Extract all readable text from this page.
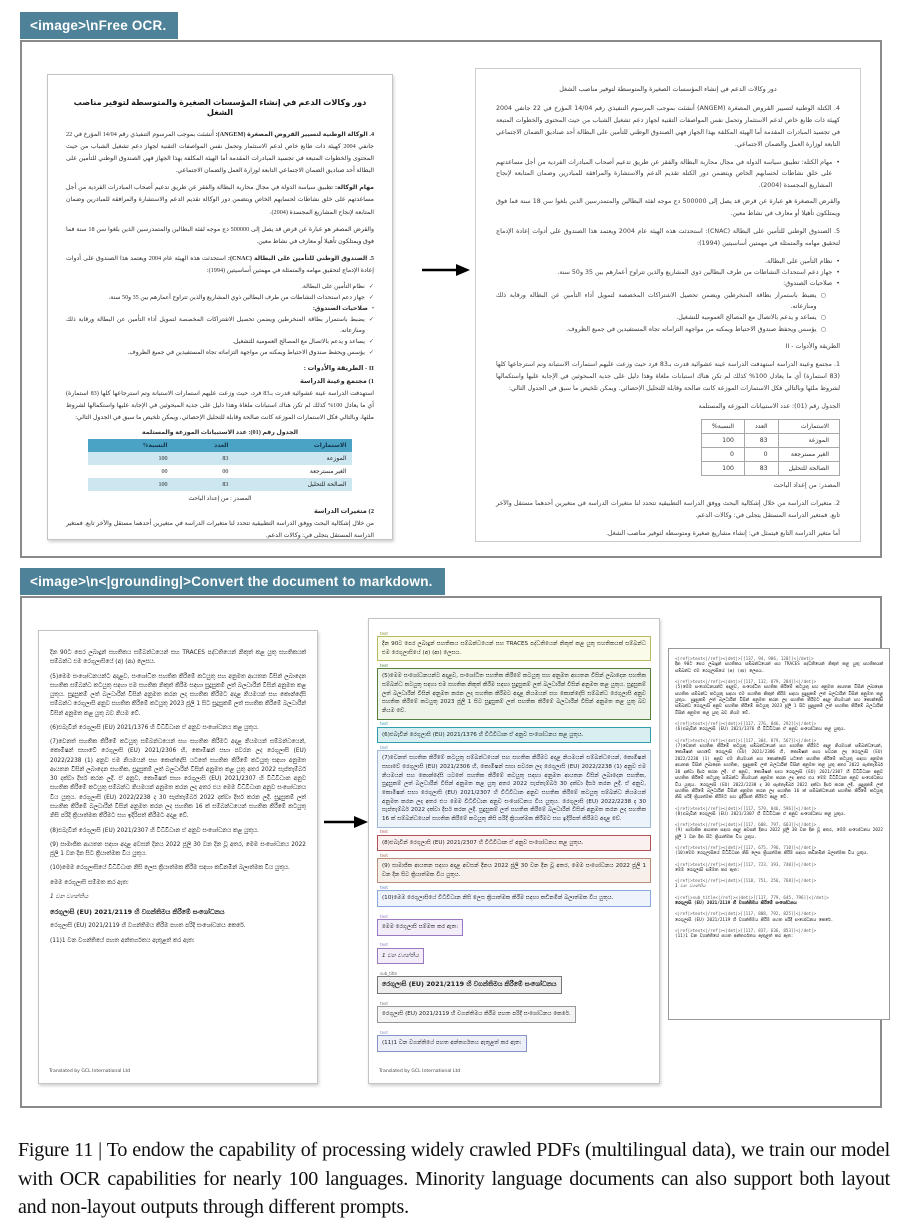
<image>\nFree OCR.
دور وكالات الدعم في إنشاء المؤسسات الصغيرة والمتوسطة لتوفير مناصب الشغل

4. الوكالة الوطنية لتسيير القروض المصغرة (ANGEM): أنشئت بموجب المرسوم التنفيذي رقم 14/04 المؤرخ في 22 جانفي 2004 كهيئة ذات طابع خاص لدعم الاستثمار وتحمل نفس المواصفات التقنية لجهاز دعم تشغيل الشباب من حيث المحتوى والخطوات المتبعة في تجسيد المبادرات المقدمة أما الهيئة المكلفة بهذا الجهاز فهي الصندوق الوطني للتأمين على البطالة أحد صناديق الضمان الاجتماعي التابعة لوزارة العمل والضمان الاجتماعي.

مهام الوكالة: تطبيق سياسة الدولة في مجال محاربة البطالة والفقر عن طريق تدعيم أصحاب المبادرات الفردية من أجل مساعدتهم على خلق نشاطات لحسابهم الخاص ويتضمن دور الوكالة تقديم الدعم والاستشارة والمرافقة للمبادرين وضمان المتابعة لإنجاح المشاريع المجسدة (2004).

والقرض المصغر هو عبارة عن قرض قد يصل إلى 500000 دج موجه لفئة البطالين والمتمدرسين الذين بلغوا سن 18 سنة فما فوق ويمتلكون تأهيلا أو معارف في نشاط معين.

5. الصندوق الوطني للتأمين على البطالة (CNAC): استحدثت هذه الهيئة عام 2004 ويعتمد هذا الصندوق على أدوات إعادة الإدماج لتحقيق مهامه والمتمثلة في مهمتين أساسيتين (1994):

✓
نظام التأمين على البطالة.
✓
جهاز دعم استحداث النشاطات من طرف البطالين ذوي المشاريع والذين تتراوح أعمارهم بين 35 و50 سنة.
•
صلاحيات الصندوق:
✓
يضبط باستمرار بطاقة المنخرطين ويضمن تحصيل الاشتراكات المخصصة لتمويل أداء التأمين عن البطالة ورقابة ذلك ومنازعاته.
✓
يساعد و يدعم بالاتصال مع المصالح العمومية للتشغيل.
✓
يؤسس ويحفظ صندوق الاحتياط ويمكنه من مواجهة التزاماته تجاه المستفيدين في جميع الظروف.
II - الطريقة والأدوات :
1) مجتمع وعينة الدراسة

استهدفت الدراسة عينة عشوائية قدرت بـ83 فرد، حيث وزعت عليهم استمارات الاستبانة وتم استرجاعها كلها (83 استمارة) أي ما يعادل 100% كذلك لم تكن هناك استبانات ملغاة وهذا دليل على جدية المبحوثين في الإجابة عليها واستكمالها لشروط ملئها، وبالتالي فكل الاستمارات الموزعة كانت صالحة وقابلة للتحليل الإحصائي، ويمكن تلخيص ما سبق في الجدول التالي:

الجدول رقم (01): عدد الاستبيانات الموزعة والمستلمة
الاستمارات	العدد	النسبة%
الموزعة	83	100
الغير مسترجعة	00	00
الصالحة للتحليل	83	100
المصدر : من إعداد الباحث
2) متغيرات الدراسة

من خلال إشكالية البحث ووفق الدراسة التطبيقية تتحدد لنا متغيرات الدراسة في متغيرين أحدهما مستقل والآخر تابع. فمتغير الدراسة المستقل يتجلى في: وكالات الدعم.

دور وكالات الدعم في إنشاء المؤسسات الصغيرة والمتوسطة لتوفير مناصب الشغل

4. الكتلة الوطنية لتسيير القروض المصغرة (ANGEM) أنشئت بموجب المرسوم التنفيذي رقم 14/04 المؤرخ في 22 جانفي 2004 كهيئة ذات طابع خاص لدعم الاستثمار وتحمل نفس المواصفات التقنية لجهاز دعم تشغيل الشباب من حيث المحتوى والخطوات المتبعة في تجسيد المبادرات المقدمة أما الهيئة المكلفة بهذا الجهاز فهي الصندوق الوطني للتأمين على البطالة أحد صناديق الضمان الاجتماعي التابعة لوزارة العمل والضمان الاجتماعي.

•
مهام الكتلة: تطبيق سياسة الدولة في مجال محاربة البطالة والفقر عن طريق تدعيم أصحاب المبادرات الفردية من أجل مساعدتهم على خلق نشاطات لحسابهم الخاص ويتضمن دور الكتلة تقديم الدعم والاستشارة والمرافقة للمبادرين وضمان المتابعة لإنجاح المشاريع المجسدة (2004).

والقرض المصغرة هو عبارة عن قرض قد يصل إلى 500000 دج موجه لفئة البطالين والمتمدرسين الذين بلغوا سن 18 سنة فما فوق ويمتلكون تأهيلا أو معارف في نشاط معين.

5. الصندوق الوطني للتأمين على البطالة (CNAC): استحدثت هذه الهيئة عام 2004 ويعتمد هذا الصندوق على أدوات إعادة الإدماج لتحقيق مهامه والمتمثلة في مهمتين أساسيتين (1994):

•
نظام التأمين على البطالة.
•
جهاز دعم استحداث النشاطات من طرف البطالين ذوي المشاريع والذين تتراوح أعمارهم بين 35 و50 سنة.
•
صلاحيات الصندوق:
○
يضبط باستمرار بطاقة المنخرطين ويضمن تحصيل الاشتراكات المخصصة لتمويل أداء التأمين عن البطالة ورقابة ذلك ومنازعاته.
○
يساعد و يدعم بالاتصال مع المصالح العمومية للتشغيل.
○
يؤسس ويحفظ صندوق الاحتياط ويمكنه من مواجهة التزاماته تجاه المستفيدين في جميع الظروف.

الطريقة والأدوات - II

1. مجتمع وعينة الدراسة استهدفت الدراسة عينة عشوائية قدرت بـ83 فرد حيث وزعت عليهم استمارات الاستبانة وتم استرجاعها كلها (83 استمارة) أي ما يعادل 100% كذلك لم تكن هناك استبانات ملغاة وهذا دليل على جدية المبحوثين في الإجابة عليها واستكمالها لشروط ملئها وبالتالي فكل الاستمارات الموزعة كانت صالحة وقابلة للتحليل الإحصائي. ويمكن تلخيص ما سبق في الجدول التالي:

الجدول رقم (01): عدد الاستبيانات الموزعة والمستلمة

الاستمارات	العدد	النسبة%
الموزعة	83	100
الغير مسترجعة	0	0
الصالحة للتحليل	83	100

المصدر: من إعداد الباحث

2. متغيرات الدراسة من خلال إشكالية البحث ووفق الدراسة التطبيقية تتحدد لنا متغيرات الدراسة في متغيرين أحدهما مستقل والآخر تابع. فمتغير الدراسة المستقل يتجلى في: وكالات الدعم.

أما متغير الدراسة التابع فيتمثل في: إنشاء مشاريع صغيرة ومتوسطة لتوفير مناصب الشغل.

<image>\n<|grounding|>Convert the document to markdown.

දින 90ට පෙර ලබාදුන් සහතිකය සම්බන්ධයෙන් සහ TRACES පද්ධතියෙන් නිකුත් කළ යුතු සහතිකයක් සම්බන්ධ එම රෙගුලාසියේ (අ) (ආ) ලෙසය.

(5)මෙම සංශෝධනයන්ට අදාළව, සංශෝධිත සහතික කිරීමේ කටයුතු සහ අනුමත ආයතන විසින් ලබාදෙන සහතික සම්බන්ධ කටයුතු සඳහා එම සහතික නිකුත් කිරීම සඳහා සුදුසුකම් ලත් බලධාරීන් විසින් අනුමත කළ යුතුය. සුදුසුකම් ලත් බලධාරීන් විසින් අනුමත කරන ලද සහතික කිරීමට අදාළ නියමයන් සහ කොන්දේසි සම්බන්ධ රෙගුලාසි අනුව සහතික කිරීමේ කටයුතු 2023 ජූලි 1 සිට සුදුසුකම් ලත් සහතික කිරීමේ බලධාරීන් විසින් අනුමත කළ යුතු බව නියම වේ.

(6)එබැවින් රෙගුලාසි (EU) 2021/1376 හි විධිවිධාන ඒ අනුව සංශෝධනය කළ යුතුය.

(7)වෙනත් සහතික කිරීමේ කටයුතු සම්බන්ධයෙන් සහ සහතික කිරීමට අදාළ නියමයන් සම්බන්ධයෙන්, කොමිෂන් සභාවේ රෙගුලාසි (EU) 2021/2306 හි, කොමිෂන් සභා පවරන ලද රෙගුලාසි (EU) 2022/2238 (1) අනුව එම නියමයන් සහ කොන්දේසි යටතේ සහතික කිරීමේ කටයුතු සඳහා අනුමත ආයතන විසින් ලබාදෙන සහතික, සුදුසුකම් ලත් බලධාරීන් විසින් අනුමත කළ යුතු අතර 2022 සැප්තැම්බර් 30 දක්වා දීර්ඝ කරන ලදී. ඒ අනුව, කොමිෂන් සභා රෙගුලාසි (EU) 2021/2307 හි විධිවිධාන අනුව සහතික කිරීමේ කටයුතු සම්බන්ධ නියමයන් අනුමත කරන ලද අතර එය මෙම විධිවිධාන අනුව සංශෝධනය විය යුතුය. රෙගුලාසි (EU) 2022/2238 ද 30 සැප්තැම්බර් 2022 දක්වා දීර්ඝ කරන ලදී. සුදුසුකම් ලත් සහතික කිරීමේ බලධාරීන් විසින් අනුමත කරන ලද සහතික 16 ක් සම්බන්ධයෙන් සහතික කිරීමේ කටයුතු නිසි පරිදි ක්‍රියාත්මක කිරීමට සහ ඉදිරිපත් කිරීමට අදාළ වේ.

(8)එබැවින් රෙගුලාසි (EU) 2021/2307 හි විධිවිධාන ඒ අනුව සංශෝධනය කළ යුතුය.

(9) සාමාජික ආයතන සඳහා අදාළ අවසන් දිනය 2022 ජූලි 30 වන දින වූ අතර, මෙම සංශෝධනය 2022 ජූලි 1 වන දින සිට ක්‍රියාත්මක විය යුතුය.

(10)මෙම රෙගුලාසියේ විධිවිධාන නිසි ලෙස ක්‍රියාත්මක කිරීම සඳහා කඩිනමින් බලාත්මක විය යුතුය.

මෙම රෙගුලාසි සම්මත කර ඇත:

1 වන වගන්තිය

රෙගුලාසි (EU) 2021/2119 හි වගන්තිමය කිරීමේ සංශෝධනය

රෙගුලාසි (EU) 2021/2119 හි වගන්තිමය කිරීම පහත පරිදි සංශෝධනය කෙරේ.

(11)1 වන වගන්තියේ පහත අන්තර්ගතය ඇතුළත් කර ඇත:

Translated by GCL International Ltd
text

දින 90ට පෙර ලබාදුන් සහතිකය සම්බන්ධයෙන් සහ TRACES පද්ධතියෙන් නිකුත් කළ යුතු සහතිකයක් සම්බන්ධ එම රෙගුලාසියේ (අ) (ආ) ලෙසය.

text

(5)මෙම සංශෝධනයන්ට අදාළව, සංශෝධිත සහතික කිරීමේ කටයුතු සහ අනුමත ආයතන විසින් ලබාදෙන සහතික සම්බන්ධ කටයුතු සඳහා එම සහතික නිකුත් කිරීම සඳහා සුදුසුකම් ලත් බලධාරීන් විසින් අනුමත කළ යුතුය. සුදුසුකම් ලත් බලධාරීන් විසින් අනුමත කරන ලද සහතික කිරීමට අදාළ නියමයන් සහ කොන්දේසි සම්බන්ධ රෙගුලාසි අනුව සහතික කිරීමේ කටයුතු 2023 ජූලි 1 සිට සුදුසුකම් ලත් සහතික කිරීමේ බලධාරීන් විසින් අනුමත කළ යුතු බව නියම වේ.

text

(6)එබැවින් රෙගුලාසි (EU) 2021/1376 හි විධිවිධාන ඒ අනුව සංශෝධනය කළ යුතුය.

text

(7)වෙනත් සහතික කිරීමේ කටයුතු සම්බන්ධයෙන් සහ සහතික කිරීමට අදාළ නියමයන් සම්බන්ධයෙන්, කොමිෂන් සභාවේ රෙගුලාසි (EU) 2021/2306 හි, කොමිෂන් සභා පවරන ලද රෙගුලාසි (EU) 2022/2238 (1) අනුව එම නියමයන් සහ කොන්දේසි යටතේ සහතික කිරීමේ කටයුතු සඳහා අනුමත ආයතන විසින් ලබාදෙන සහතික, සුදුසුකම් ලත් බලධාරීන් විසින් අනුමත කළ යුතු අතර 2022 සැප්තැම්බර් 30 දක්වා දීර්ඝ කරන ලදී. ඒ අනුව, කොමිෂන් සභා රෙගුලාසි (EU) 2021/2307 හි විධිවිධාන අනුව සහතික කිරීමේ කටයුතු සම්බන්ධ නියමයන් අනුමත කරන ලද අතර එය මෙම විධිවිධාන අනුව සංශෝධනය විය යුතුය. රෙගුලාසි (EU) 2022/2238 ද 30 සැප්තැම්බර් 2022 දක්වා දීර්ඝ කරන ලදී. සුදුසුකම් ලත් සහතික කිරීමේ බලධාරීන් විසින් අනුමත කරන ලද සහතික 16 ක් සම්බන්ධයෙන් සහතික කිරීමේ කටයුතු නිසි පරිදි ක්‍රියාත්මක කිරීමට සහ ඉදිරිපත් කිරීමට අදාළ වේ.

text

(8)එබැවින් රෙගුලාසි (EU) 2021/2307 හි විධිවිධාන ඒ අනුව සංශෝධනය කළ යුතුය.

text

(9) සාමාජික ආයතන සඳහා අදාළ අවසන් දිනය 2022 ජූලි 30 වන දින වූ අතර, මෙම සංශෝධනය 2022 ජූලි 1 වන දින සිට ක්‍රියාත්මක විය යුතුය.

text

(10)මෙම රෙගුලාසියේ විධිවිධාන නිසි ලෙස ක්‍රියාත්මක කිරීම සඳහා කඩිනමින් බලාත්මක විය යුතුය.

text

මෙම රෙගුලාසි සම්මත කර ඇත:

text

1 වන වගන්තිය

sub_title

රෙගුලාසි (EU) 2021/2119 හි වගන්තිමය කිරීමේ සංශෝධනය

text

රෙගුලාසි (EU) 2021/2119 හි වගන්තිමය කිරීම පහත පරිදි සංශෝධනය කෙරේ.

text

(11)1 වන වගන්තියේ පහත අන්තර්ගතය ඇතුළත් කර ඇත:

Translated by GCL International Ltd
<|ref|>text<|/ref|><|det|>[[137, 94, 906, 120]]<|/det|>
දින 90ට පෙර ලබාදුන් සහතිකය සම්බන්ධයෙන් සහ TRACES පද්ධතියෙන් නිකුත් කළ යුතු සහතිකයක් සම්බන්ධ එම රෙගුලාසියේ (අ) (ආ) ලෙසය.
<|ref|>text<|/ref|><|det|>[[117, 132, 879, 284]]<|/det|>
(5)මෙම සංශෝධනයන්ට අදාළව, සංශෝධිත සහතික කිරීමේ කටයුතු සහ අනුමත ආයතන විසින් ලබාදෙන සහතික සම්බන්ධ කටයුතු සඳහා එම සහතික නිකුත් කිරීම සඳහා සුදුසුකම් ලත් බලධාරීන් විසින් අනුමත කළ යුතුය. සුදුසුකම් ලත් බලධාරීන් විසින් අනුමත කරන ලද සහතික කිරීමට අදාළ නියමයන් සහ කොන්දේසි සම්බන්ධ රෙගුලාසි අනුව සහතික කිරීමේ කටයුතු 2023 ජූලි 1 සිට සුදුසුකම් ලත් සහතික කිරීමේ බලධාරීන් විසින් අනුමත කළ යුතු බව නියම වේ.
<|ref|>text<|/ref|><|det|>[[117, 276, 846, 292]]<|/det|>
(6)එබැවින් රෙගුලාසි (EU) 2021/1376 හි විධිවිධාන ඒ අනුව සංශෝධනය කළ යුතුය.
<|ref|>text<|/ref|><|det|>[[117, 304, 879, 567]]<|/det|>
(7)වෙනත් සහතික කිරීමේ කටයුතු සම්බන්ධයෙන් සහ සහතික කිරීමට අදාළ නියමයන් සම්බන්ධයෙන්, කොමිෂන් සභාවේ රෙගුලාසි (EU) 2021/2306 හි, කොමිෂන් සභා පවරන ලද රෙගුලාසි (EU) 2022/2238 (1) අනුව එම නියමයන් සහ කොන්දේසි යටතේ සහතික කිරීමේ කටයුතු සඳහා අනුමත ආයතන විසින් ලබාදෙන සහතික, සුදුසුකම් ලත් බලධාරීන් විසින් අනුමත කළ යුතු අතර 2022 සැප්තැම්බර් 30 දක්වා දීර්ඝ කරන ලදී. ඒ අනුව, කොමිෂන් සභා රෙගුලාසි (EU) 2021/2307 හි විධිවිධාන අනුව සහතික කිරීමේ කටයුතු සම්බන්ධ නියමයන් අනුමත කරන ලද අතර එය මෙම විධිවිධාන අනුව සංශෝධනය විය යුතුය. රෙගුලාසි (EU) 2022/2238 ද 30 සැප්තැම්බර් 2022 දක්වා දීර්ඝ කරන ලදී. සුදුසුකම් ලත් සහතික කිරීමේ බලධාරීන් විසින් අනුමත කරන ලද සහතික 16 ක් සම්බන්ධයෙන් සහතික කිරීමේ කටයුතු නිසි පරිදි ක්‍රියාත්මක කිරීමට සහ ඉදිරිපත් කිරීමට අදාළ වේ.
<|ref|>text<|/ref|><|det|>[[117, 579, 846, 596]]<|/det|>
(8)එබැවින් රෙගුලාසි (EU) 2021/2307 හි විධිවිධාන ඒ අනුව සංශෝධනය කළ යුතුය.
<|ref|>text<|/ref|><|det|>[[117, 608, 797, 663]]<|/det|>
(9) සාමාජික ආයතන සඳහා අදාළ අවසන් දිනය 2022 ජූලි 30 වන දින වූ අතර, මෙම සංශෝධනය 2022 ජූලි 1 වන දින සිට ක්‍රියාත්මක විය යුතුය.
<|ref|>text<|/ref|><|det|>[[117, 675, 796, 710]]<|/det|>
(10)මෙම රෙගුලාසියේ විධිවිධාන නිසි ලෙස ක්‍රියාත්මක කිරීම සඳහා කඩිනමින් බලාත්මක විය යුතුය.
<|ref|>text<|/ref|><|det|>[[117, 723, 393, 740]]<|/det|>
මෙම රෙගුලාසි සම්මත කර ඇත:
<|ref|>text<|/ref|><|det|>[[118, 751, 256, 768]]<|/det|>
1 වන වගන්තිය
<|ref|>sub_title<|/ref|><|det|>[[117, 779, 645, 796]]<|/det|>
රෙගුලාසි (EU) 2021/2119 හි වගන්තිමය කිරීමේ සංශෝධනය
<|ref|>text<|/ref|><|det|>[[117, 808, 792, 825]]<|/det|>
රෙගුලාසි (EU) 2021/2119 හි වගන්තිමය කිරීම පහත පරිදි සංශෝධනය කෙරේ.
<|ref|>text<|/ref|><|det|>[[117, 837, 636, 853]]<|/det|>
(11)1 වන වගන්තියේ පහත අන්තර්ගතය ඇතුළත් කර ඇත:
Figure 11 | To endow the capability of processing widely crawled PDFs (multilingual data), we train our model with OCR capabilities for nearly 100 languages. Minority language documents can also support both layout and non-layout outputs through different prompts.
